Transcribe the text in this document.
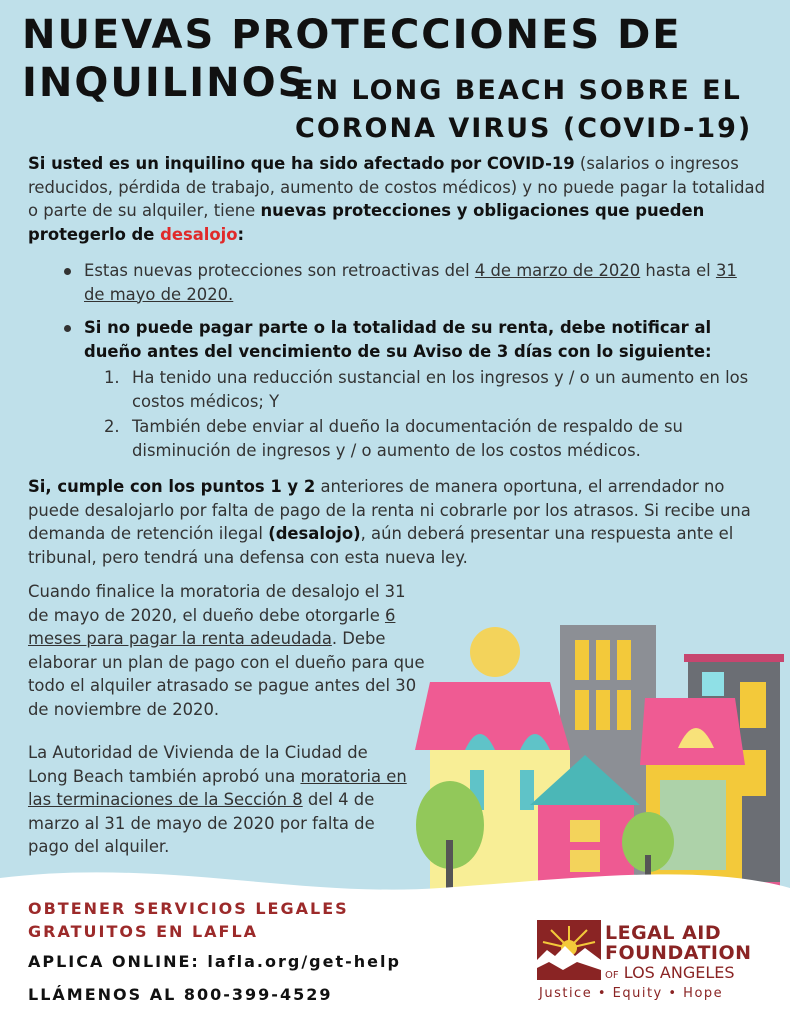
NUEVAS PROTECCIONES DE
INQUILINOS
EN LONG BEACH SOBRE EL
CORONA VIRUS (COVID-19)
Si usted es un inquilino que ha sido afectado por COVID-19 (salarios o ingresos reducidos, pérdida de trabajo, aumento de costos médicos) y no puede pagar la totalidad o parte de su alquiler, tiene nuevas protecciones y obligaciones que pueden protegerlo de desalojo:
Estas nuevas protecciones son retroactivas del 4 de marzo de 2020 hasta el 31 de mayo de 2020.
Si no puede pagar parte o la totalidad de su renta, debe notificar al dueño antes del vencimiento de su Aviso de 3 días con lo siguiente:
1. Ha tenido una reducción sustancial en los ingresos y / o un aumento en los costos médicos; Y
2. También debe enviar al dueño la documentación de respaldo de su disminución de ingresos y / o aumento de los costos médicos.
Si, cumple con los puntos 1 y 2 anteriores de manera oportuna, el arrendador no puede desalojarlo por falta de pago de la renta ni cobrarle por los atrasos. Si recibe una demanda de retención ilegal (desalojo), aún deberá presentar una respuesta ante el tribunal, pero tendrá una defensa con esta nueva ley.
Cuando finalice la moratoria de desalojo el 31 de mayo de 2020, el dueño debe otorgarle 6 meses para pagar la renta adeudada. Debe elaborar un plan de pago con el dueño para que todo el alquiler atrasado se pague antes del 30 de noviembre de 2020.
La Autoridad de Vivienda de la Ciudad de Long Beach también aprobó una moratoria en las terminaciones de la Sección 8 del 4 de marzo al 31 de mayo de 2020 por falta de pago del alquiler.
OBTENER SERVICIOS LEGALES
GRATUITOS EN LAFLA
APLICA ONLINE: lafla.org/get-help
LLÁMENOS AL 800-399-4529
LEGAL AID
FOUNDATION
OF LOS ANGELES
Justice • Equity • Hope
